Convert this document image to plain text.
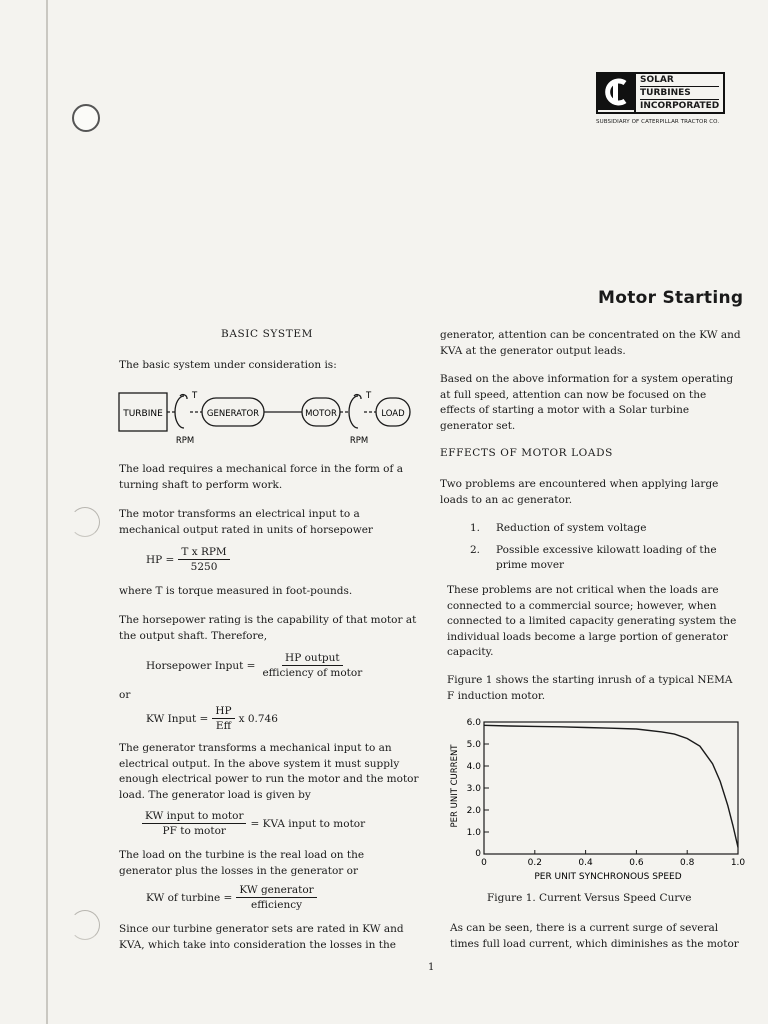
SOLAR
TURBINES
INCORPORATED
SUBSIDIARY OF CATERPILLAR TRACTOR CO.
Motor Starting
BASIC SYSTEM

The basic system under consideration is:

TURBINE	GENERATOR	MOTOR	LOAD
T	T
RPM	RPM

The load requires a mechanical force in the form of a turning shaft to perform work.

The motor transforms an electrical input to a mechanical output rated in units of horsepower

HP = $\frac{\text{T x RPM}}{5250}$

where T is torque measured in foot-pounds.

The horsepower rating is the capability of that motor at the output shaft. Therefore,

Horsepower Input = $\frac{\text{HP output}}{\text{efficiency of motor}}$

or

KW Input = $\frac{HP}{\text{Eff}}$ x 0.746

The generator transforms a mechanical input to an electrical output. In the above system it must supply enough electrical power to run the motor and the motor load. The generator load is given by

$\frac{\text{KW input to motor}}{\text{PF to motor}}$ = KVA input to motor

The load on the turbine is the real load on the generator plus the losses in the generator or

KW of turbine = $\frac{\text{KW generator}}{\text{efficiency}}$

Since our turbine generator sets are rated in KW and KVA, which take into consideration the losses in the

generator, attention can be concentrated on the KW and KVA at the generator output leads.

Based on the above information for a system operating at full speed, attention can now be focused on the effects of starting a motor with a Solar turbine generator set.

EFFECTS OF MOTOR LOADS

Two problems are encountered when applying large loads to an ac generator.

1.	Reduction of system voltage
2.	Possible excessive kilowatt loading of the prime mover

These problems are not critical when the loads are connected to a commercial source; however, when connected to a limited capacity generating system the individual loads become a large portion of generator capacity.

Figure 1 shows the starting inrush of a typical NEMA F induction motor.

6.0
5.0
4.0
3.0
2.0
1.0
0
0	0.2	0.4	0.6	0.8	1.0
PER UNIT SYNCHRONOUS SPEED
PER UNIT CURRENT

Figure 1. Current Versus Speed Curve

As can be seen, there is a current surge of several times full load current, which diminishes as the motor

1
